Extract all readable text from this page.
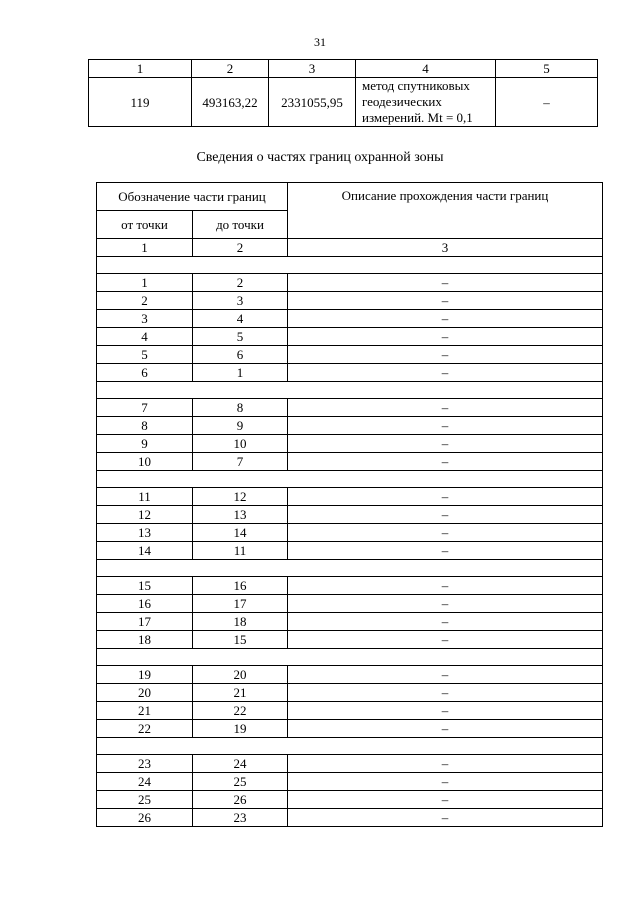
31
1	2	3	4	5
119	493163,22	2331055,95	метод спутниковых геодезических измерений. Mt = 0,1	–
Сведения о частях границ охранной зоны
Обозначение части границ		Описание прохождения части границ
от точки	до точки	
1	2	3

1	2	–
2	3	–
3	4	–
4	5	–
5	6	–
6	1	–

7	8	–
8	9	–
9	10	–
10	7	–

11	12	–
12	13	–
13	14	–
14	11	–

15	16	–
16	17	–
17	18	–
18	15	–

19	20	–
20	21	–
21	22	–
22	19	–

23	24	–
24	25	–
25	26	–
26	23	–
